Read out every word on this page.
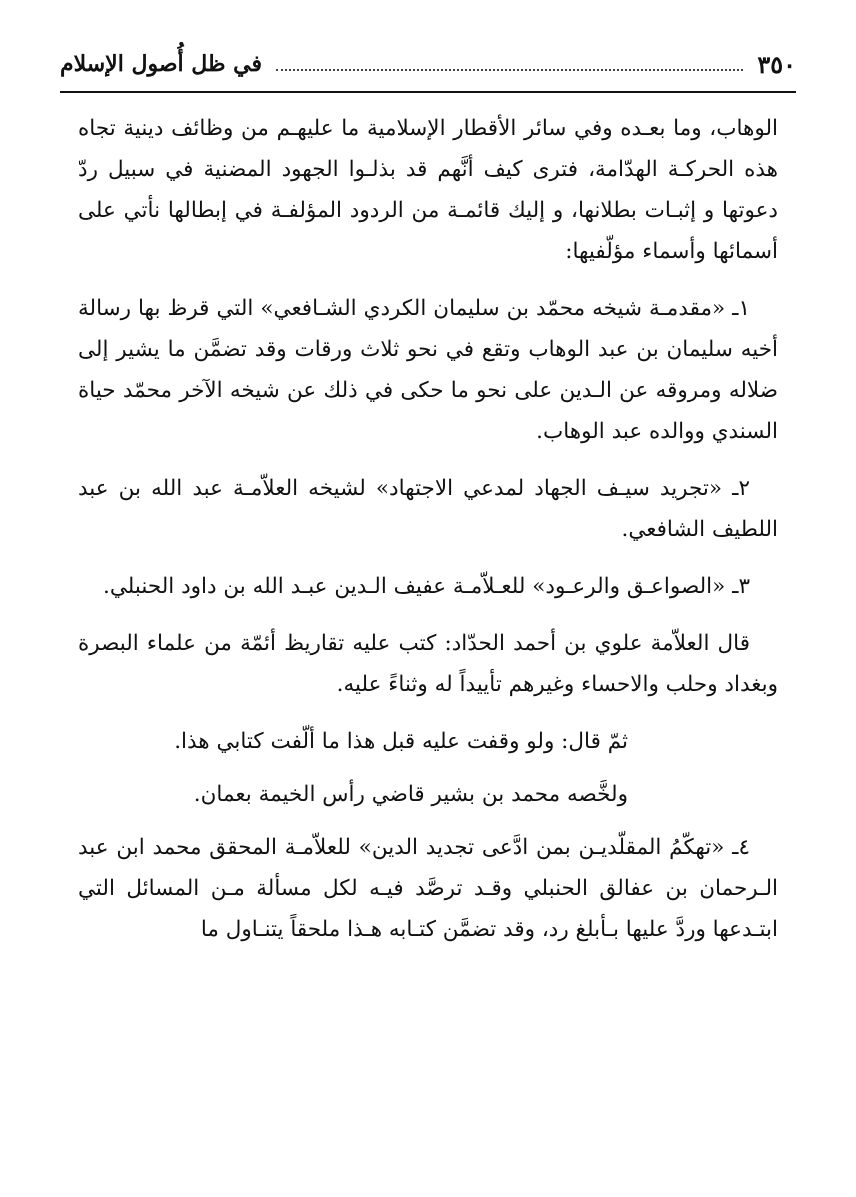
٣٥٠
في ظل أُصول الإسلام

الوهاب، وما بعـده وفي سائر الأقطار الإسلامية ما عليهـم من وظائف دينية تجاه هذه الحركـة الهدّامة، فترى كيف أنَّهم قد بذلـوا الجهود المضنية في سبيل ردّ دعوتها و إثبـات بطلانها، و إليك قائمـة من الردود المؤلفـة في إبطالها نأتي على أسمائها وأسماء مؤلّفيها:

١ـ «مقدمـة شيخه محمّد بن سليمان الكردي الشـافعي» التي قرظ بها رسالة أخيه سليمان بن عبد الوهاب وتقع في نحو ثلاث ورقات وقد تضمَّن ما يشير إلى ضلاله ومروقه عن الـدين على نحو ما حكى في ذلك عن شيخه الآخر محمّد حياة السندي ووالده عبد الوهاب.

٢ـ «تجريد سيـف الجهاد لمدعي الاجتهاد» لشيخه العلاّمـة عبد الله بن عبد اللطيف الشافعي.

٣ـ «الصواعـق والرعـود» للعـلاّمـة عفيف الـدين عبـد الله بن داود الحنبلي.

قال العلاّمة علوي بن أحمد الحدّاد: كتب عليه تقاريظ أئمّة من علماء البصرة وبغداد وحلب والاحساء وغيرهم تأييداً له وثناءً عليه.

ثمّ قال: ولو وقفت عليه قبل هذا ما ألّفت كتابي هذا.

ولخَّصه محمد بن بشير قاضي رأس الخيمة بعمان.

٤ـ «تهكّمُ المقلّديـن بمن ادَّعى تجديد الدين» للعلاّمـة المحقق محمد ابن عبد الـرحمان بن عفالق الحنبلي وقـد ترصَّد فيـه لكل مسألة مـن المسائل التي ابتـدعها وردَّ عليها بـأبلغ رد، وقد تضمَّن كتـابه هـذا ملحقاً يتنـاول ما
